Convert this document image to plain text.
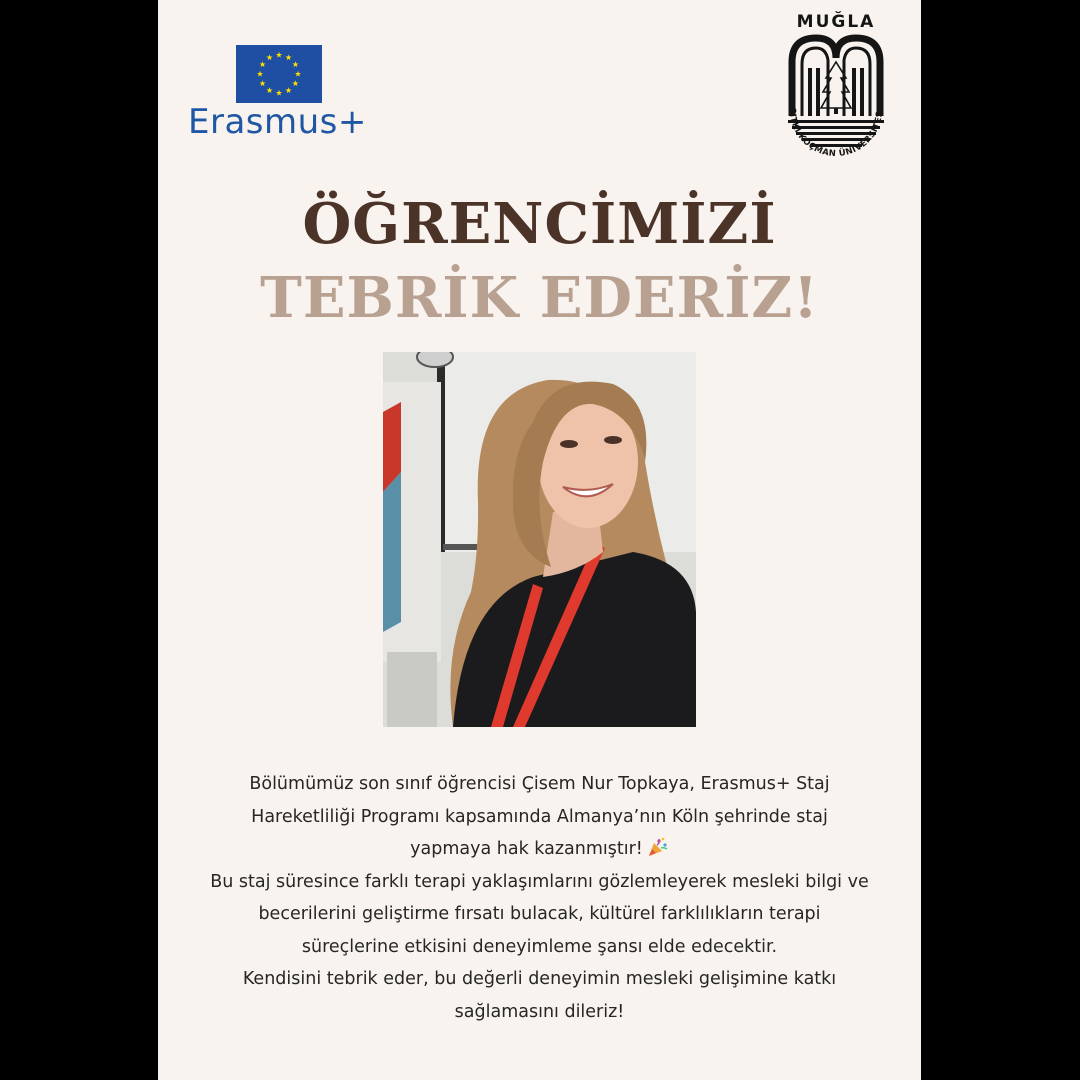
Erasmus+
MUĞLA
SITKI KOÇMAN ÜNİVERSİTES
ÖĞRENCİMİZİ
TEBRİK EDERİZ!
Bölümümüz son sınıf öğrencisi Çisem Nur Topkaya, Erasmus+ Staj
Hareketliliği Programı kapsamında Almanya’nın Köln şehrinde staj
yapmaya hak kazanmıştır!
Bu staj süresince farklı terapi yaklaşımlarını gözlemleyerek mesleki bilgi ve
becerilerini geliştirme fırsatı bulacak, kültürel farklılıkların terapi
süreçlerine etkisini deneyimleme şansı elde edecektir.
Kendisini tebrik eder, bu değerli deneyimin mesleki gelişimine katkı
sağlamasını dileriz!
